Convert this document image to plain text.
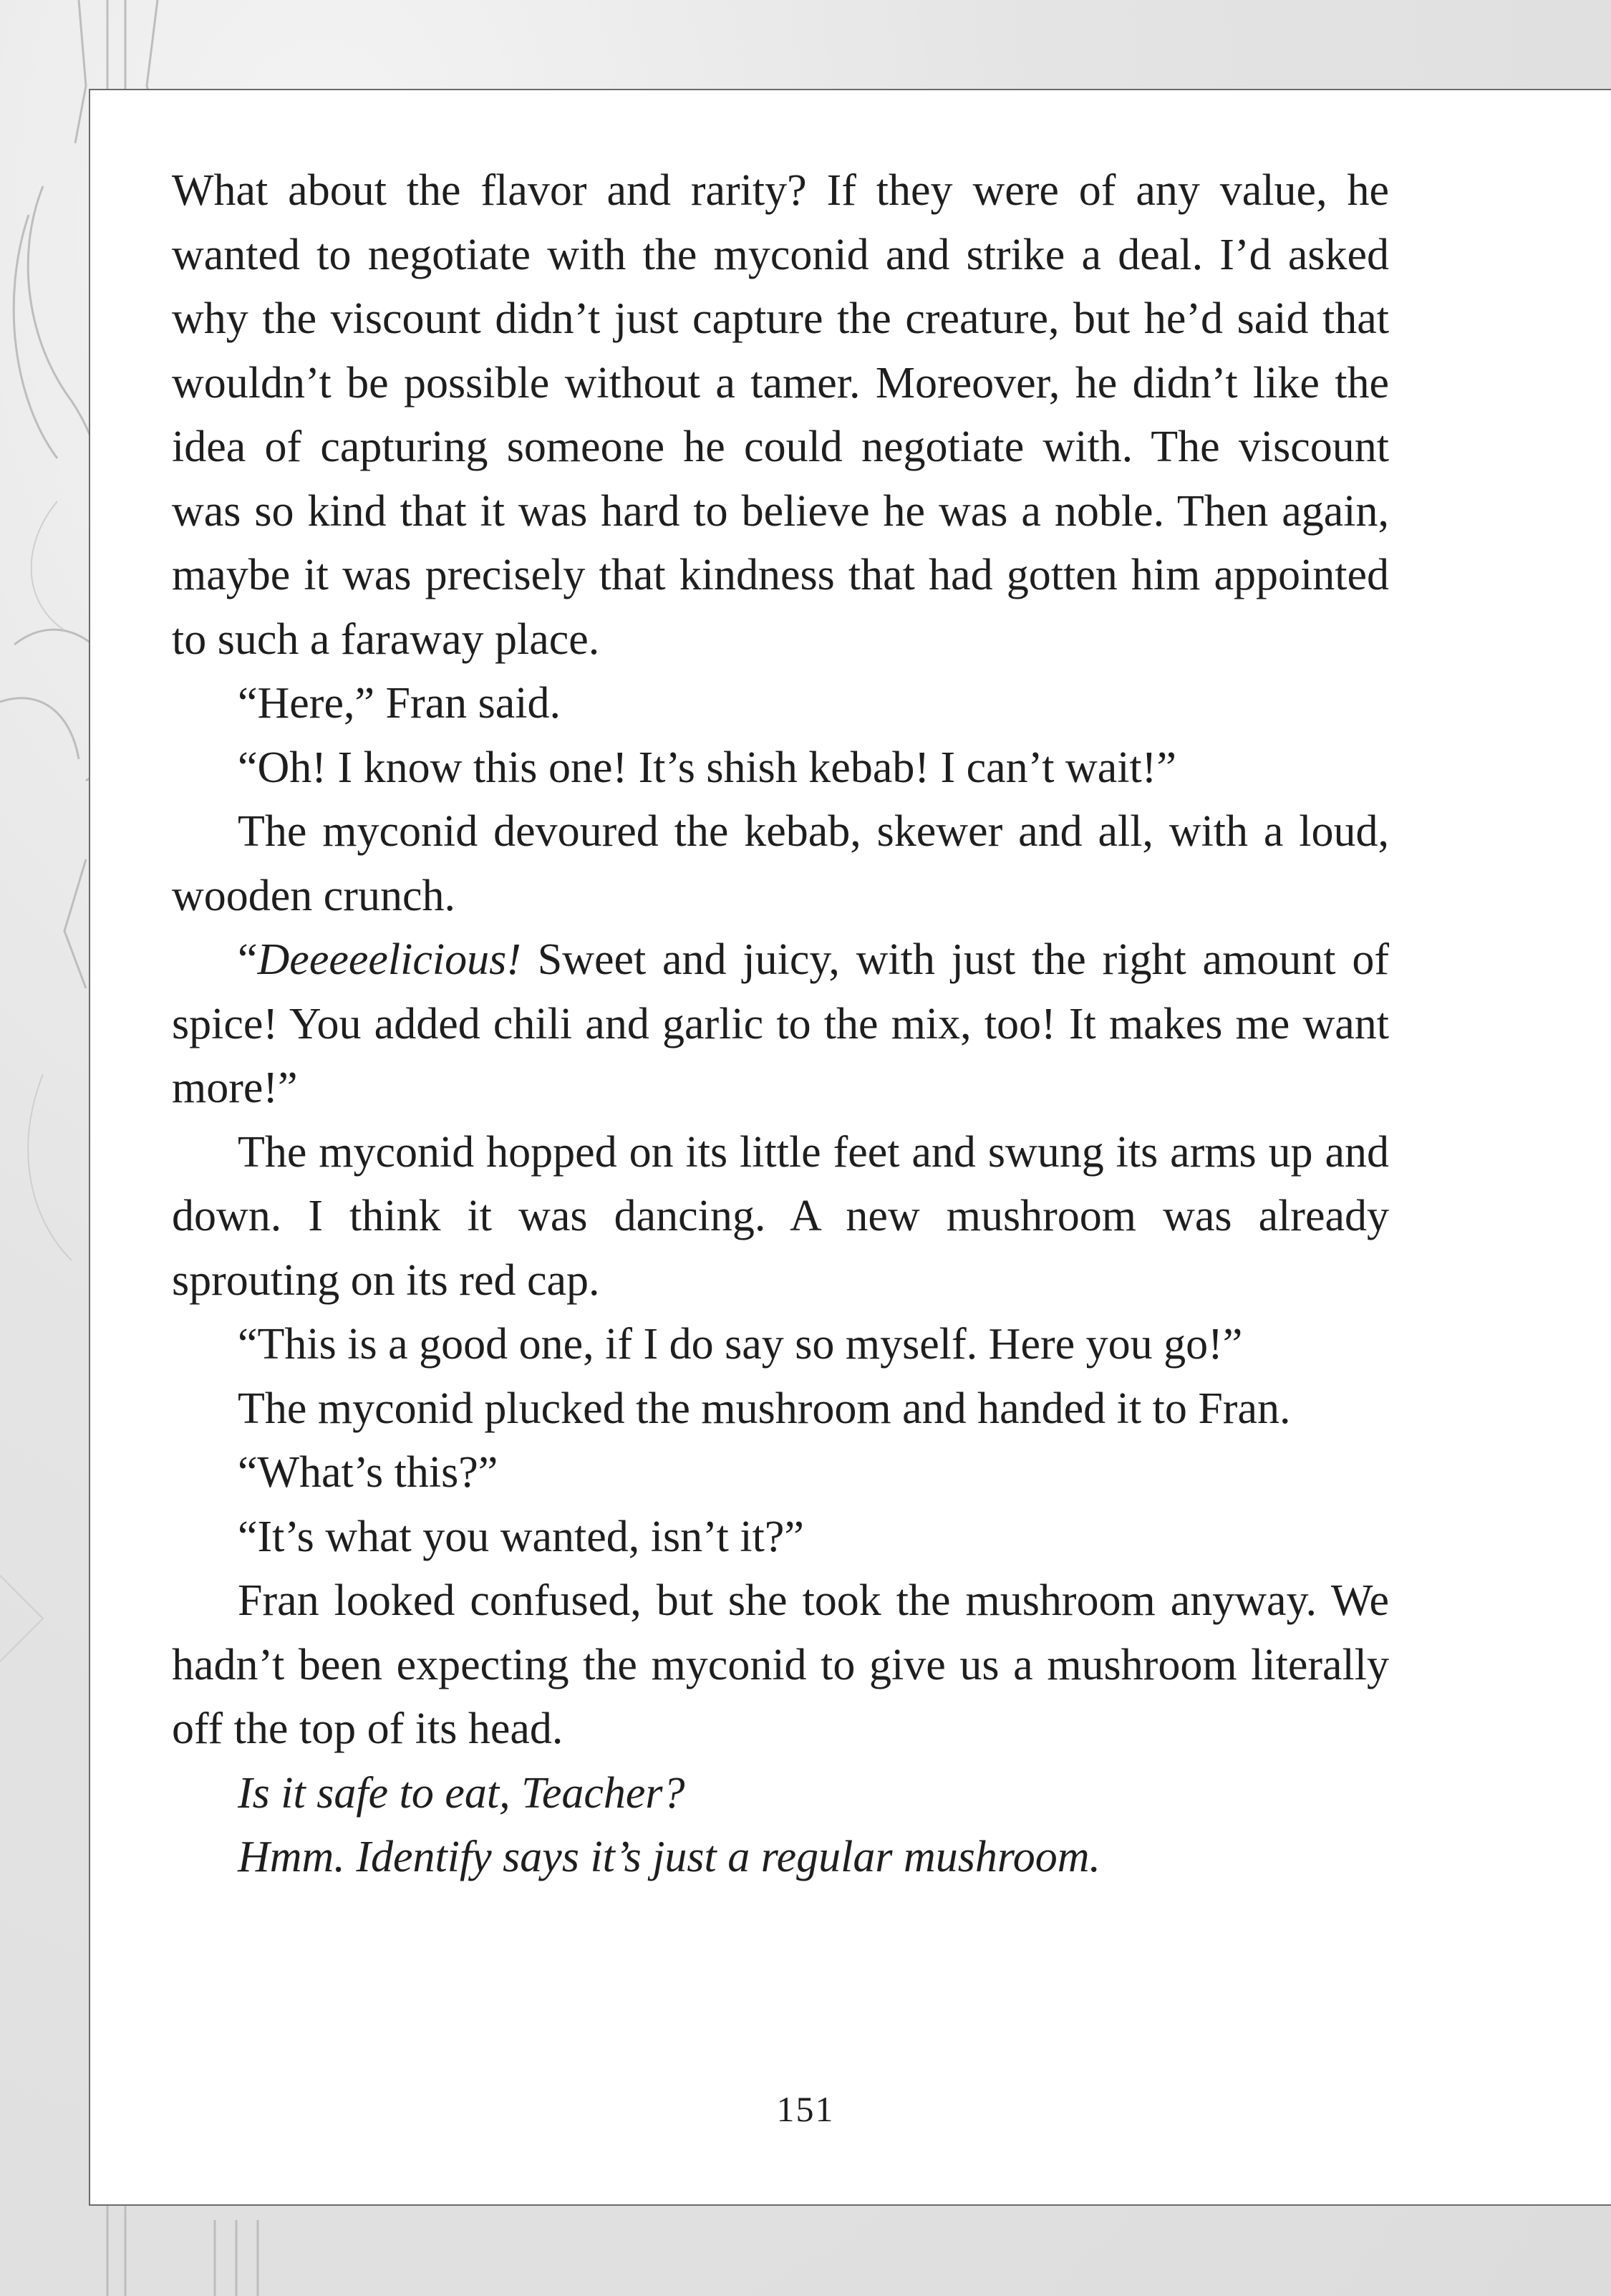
What about the flavor and rarity? If they were of any value, he wanted to negotiate with the myconid and strike a deal. I’d asked why the viscount didn’t just capture the creature, but he’d said that wouldn’t be possible without a tamer. Moreover, he didn’t like the idea of capturing someone he could negotiate with. The viscount was so kind that it was hard to believe he was a noble. Then again, maybe it was precisely that kindness that had gotten him appointed to such a faraway place.

“Here,” Fran said.

“Oh! I know this one! It’s shish kebab! I can’t wait!”

The myconid devoured the kebab, skewer and all, with a loud, wooden crunch.

“Deeeeelicious! Sweet and juicy, with just the right amount of spice! You added chili and garlic to the mix, too! It makes me want more!”

The myconid hopped on its little feet and swung its arms up and down. I think it was dancing. A new mushroom was already sprouting on its red cap.

“This is a good one, if I do say so myself. Here you go!”

The myconid plucked the mushroom and handed it to Fran.

“What’s this?”

“It’s what you wanted, isn’t it?”

Fran looked confused, but she took the mushroom anyway. We hadn’t been expecting the myconid to give us a mushroom literally off the top of its head.

Is it safe to eat, Teacher?

Hmm. Identify says it’s just a regular mushroom.

151
